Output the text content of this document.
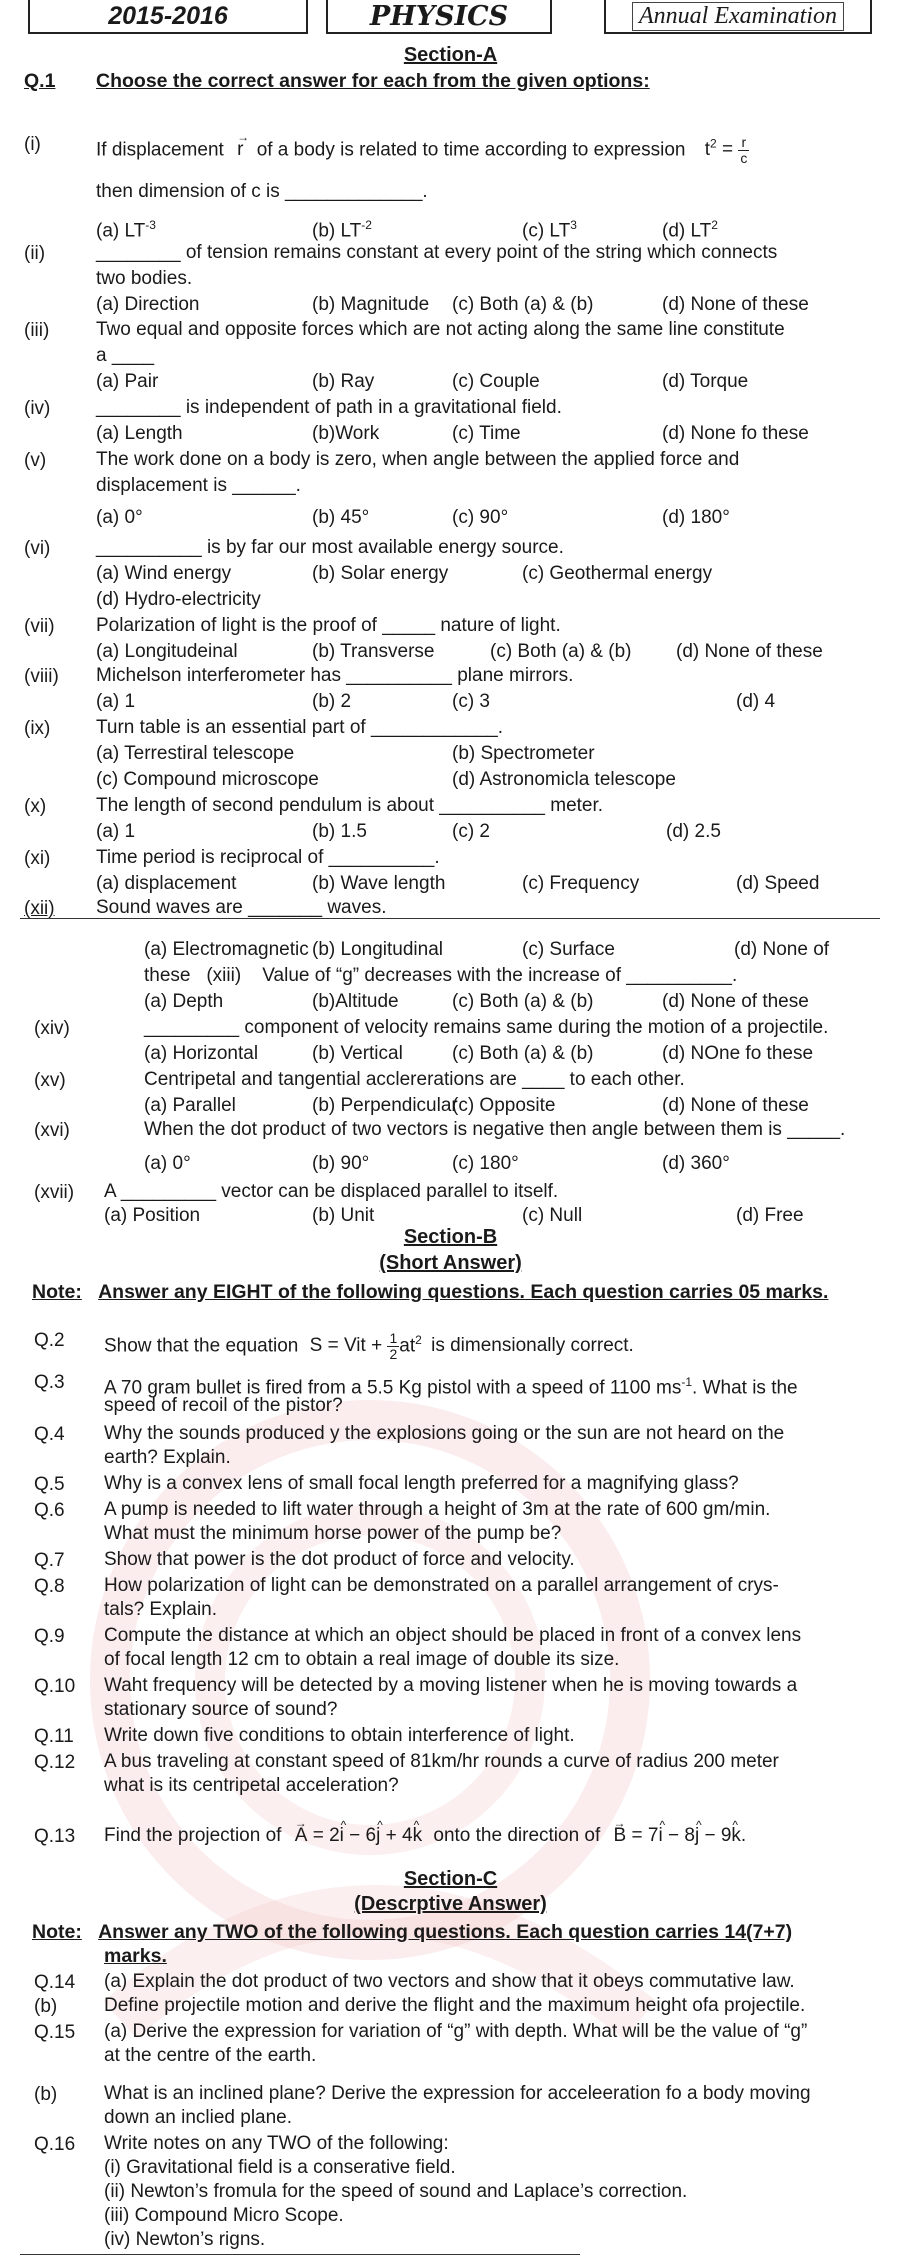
2015-2016	PHYSICS	Annual Examination
Section-A
Q.1 Choose the correct answer for each from the given options:
(i)	If displacement → r of a body is related to time according to expression $t^2 = \frac{r}{c}$
then dimension of c is _____________.
(a) $LT^{-3}$	(b) $LT^{-2}$	(c) $LT^3$	(d) $LT^2$
(ii)	________ of tension remains constant at every point of the string which connects
two bodies.
(a) Direction	(b) Magnitude (c) Both (a) & (b)	(d) None of these
(iii) Two equal and opposite forces which are not acting along the same line constitute
a ____
(a) Pair	(b) Ray	(c) Couple	(d) Torque
(iv) ________ is independent of path in a gravitational field.
(a) Length	(b)Work	(c) Time	(d) None fo these
(v)	The work done on a body is zero, when angle between the applied force and
displacement is ______.
(a) 0°	(b) 45°	(c) 90°	(d) 180°
(vi) __________ is by far our most available energy source.
(a) Wind energy	(b) Solar energy	(c) Geothermal energy
(d) Hydro-electricity
(vii) Polarization of light is the proof of _____ nature of light.
(a) Longitudeinal	(b) Transverse	(c) Both (a) & (b) (d) None of these
(viii) Michelson interferometer has __________ plane mirrors.
(a) 1	(b) 2	(c) 3	(d) 4
(ix) Turn table is an essential part of ____________.
(a) Terrestiral telescope	(b) Spectrometer
(c) Compound microscope	(d) Astronomicla telescope
(x)	The length of second pendulum is about __________ meter.
(a) 1	(b) 1.5	(c) 2	(d) 2.5
(xi) Time period is reciprocal of __________.
(a) displacement	(b) Wave length	(c) Frequency	(d) Speed
(xii) Sound waves are _______ waves.
(a) Electromagnetic (b) Longitudinal	(c) Surface	(d) None of
these (xiii) Value of “g” decreases with the increase of __________.
(a) Depth	(b)Altitude	(c) Both (a) & (b)	(d) None of these
(xiv)	_________ component of velocity remains same during the motion of a projectile.
(a) Horizontal	(b) Vertical	(c) Both (a) & (b)	(d) NOne fo these
(xv)	Centripetal and tangential acclererations are ____ to each other.
(a) Parallel	(b) Perpendicular
(c) Opposite	(d) None of these
(xvi)	When the dot product of two vectors is negative then angle between them is _____.
(a) 0°	(b) 90°	(c) 180°	(d) 360°
(xvii) A _________ vector can be displaced parallel to itself.
(a) Position	(b) Unit	(c) Null	(d) Free
Section-B
(Short Answer)
Note: Answer any EIGHT of the following questions. Each question carries 05 marks.
Q.2 Show that the equation S = Vit + $\frac{1}{2} at^2$ is dimensionally correct.
Q.3 A 70 gram bullet is fired from a 5.5 Kg pistol with a speed of 1100 $ms^{-1}$. What is the
speed of recoil of the pistor?
Q.4 Why the sounds produced y the explosions going or the sun are not heard on the
earth? Explain.
Q.5 Why is a convex lens of small focal length preferred for a magnifying glass?
Q.6 A pump is needed to lift water through a height of 3m at the rate of 600 gm/min.
What must the minimum horse power of the pump be?
Q.7 Show that power is the dot product of force and velocity.
Q.8 How polarization of light can be demonstrated on a parallel arrangement of crys-
tals? Explain.
Q.9 Compute the distance at which an object should be placed in front of a convex lens
of focal length 12 cm to obtain a real image of double its size.
Q.10 Waht frequency will be detected by a moving listener when he is moving towards a
stationary source of sound?
Q.11 Write down five conditions to obtain interference of light.
Q.12 A bus traveling at constant speed of 81km/hr rounds a curve of radius 200 meter
what is its centripetal acceleration?
Q.13 Find the projection of → A = 2^ i − 6^ j + 4^ k onto the direction of → B = 7^ i − 8^ j − 9^ k.
Section-C
(Descrptive Answer)
Note: Answer any TWO of the following questions. Each question carries 14(7+7)
marks.
Q.14 (a) Explain the dot product of two vectors and show that it obeys commutative law.
(b) Define projectile motion and derive the flight and the maximum height ofa projectile.
Q.15 (a) Derive the expression for variation of “g” with depth. What will be the value of “g”
at the centre of the earth.
(b) What is an inclined plane? Derive the expression for acceleeration fo a body moving
down an inclied plane.
Q.16 Write notes on any TWO of the following:
(i) Gravitational field is a conserative field.
(ii) Newton’s fromula for the speed of sound and Laplace’s correction.
(iii) Compound Micro Scope.
(iv) Newton’s rigns.
